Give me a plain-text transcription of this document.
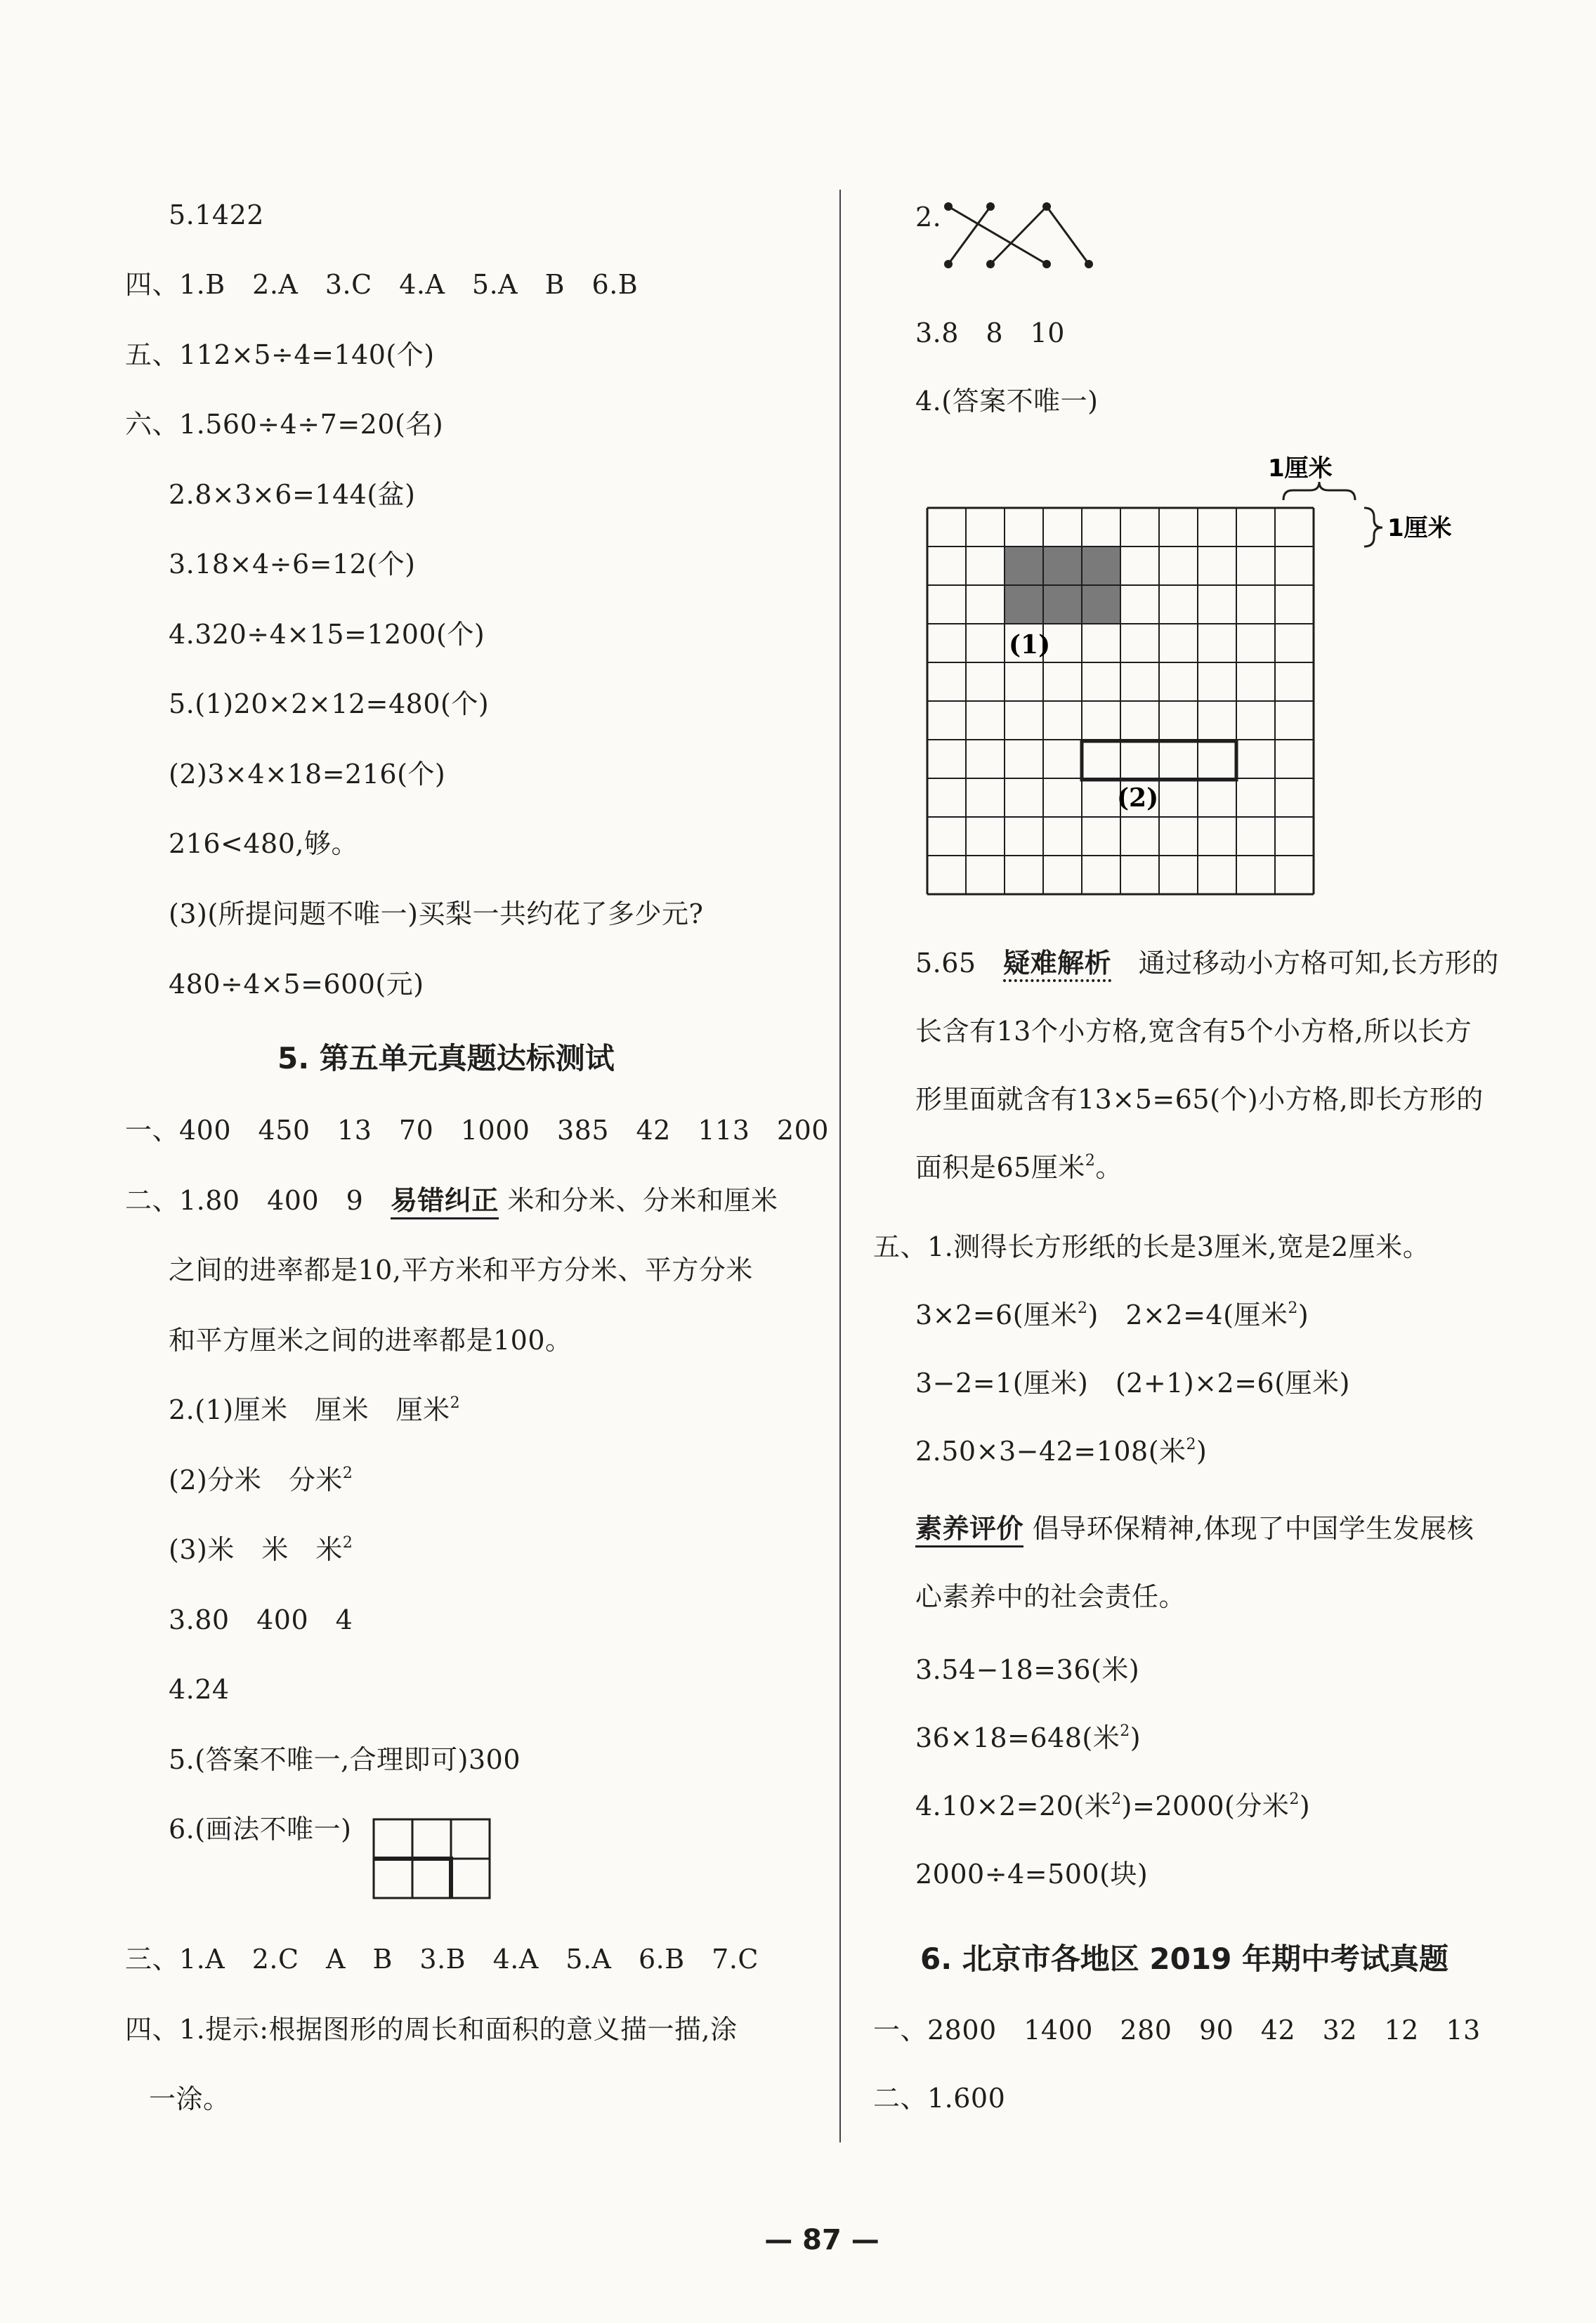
5.1422
四、1.B　2.A　3.C　4.A　5.A　B　6.B
五、112×5÷4=140(个)
六、1.560÷4÷7=20(名)
2.8×3×6=144(盆)
3.18×4÷6=12(个)
4.320÷4×15=1200(个)
5.(1)20×2×12=480(个)
(2)3×4×18=216(个)
216<480,够。
(3)(所提问题不唯一)买梨一共约花了多少元?
480÷4×5=600(元)
5. 第五单元真题达标测试
一、400　450　13　70　1000　385　42　113　200
二、1.80　400　9　 易错纠正 米和分米、分米和厘米
之间的进率都是10,平方米和平方分米、平方分米
和平方厘米之间的进率都是100。
2.(1)厘米　厘米　厘米$^2$
(2)分米　分米$^2$
(3)米　米　米$^2$
3.80　400　4
4.24
5.(答案不唯一,合理即可)300
6.(画法不唯一)
三、1.A　2.C　A　B　3.B　4.A　5.A　6.B　7.C
四、1.提示:根据图形的周长和面积的意义描一描,涂
一涂。
2.
3.8　8　10
4.(答案不唯一)
1厘米
1厘米
(1)
(2)
5.65　 疑难解析　 通过移动小方格可知,长方形的
长含有13个小方格,宽含有5个小方格,所以长方
形里面就含有13×5=65(个)小方格,即长方形的
面积是65厘米$^2$。
五、1.测得长方形纸的长是3厘米,宽是2厘米。
3×2=6(厘米$^2$)　2×2=4(厘米$^2$)
3−2=1(厘米)　(2+1)×2=6(厘米)
2.50×3−42=108(米$^2$)
素养评价 倡导环保精神,体现了中国学生发展核
心素养中的社会责任。
3.54−18=36(米)
36×18=648(米$^2$)
4.10×2=20(米$^2$)=2000(分米$^2$)
2000÷4=500(块)
6. 北京市各地区 2019 年期中考试真题
一、2800　1400　280　90　42　32　12　13
二、1.600
— 87 —
